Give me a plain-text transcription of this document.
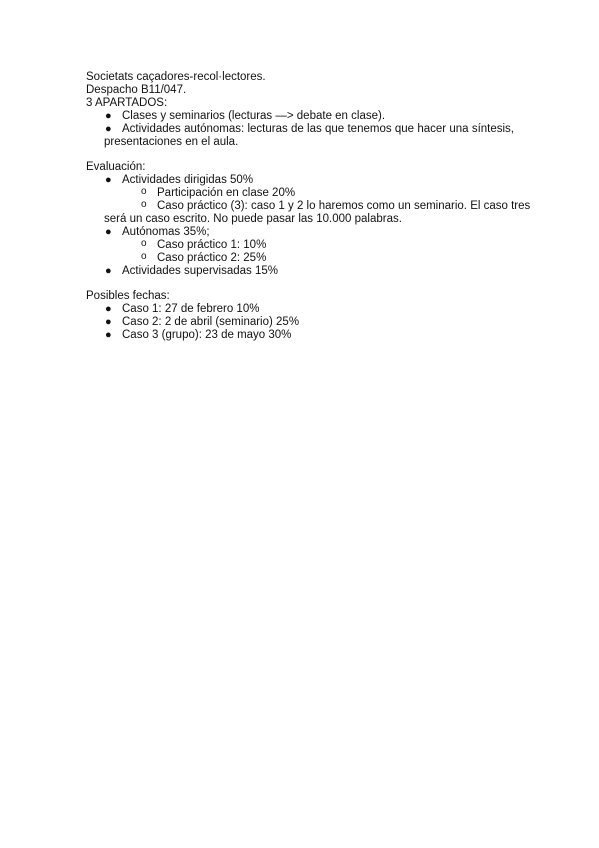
Societats caçadores-recol·lectores.
Despacho B11/047.
3 APARTADOS:
● Clases y seminarios (lecturas —> debate en clase).
● Actividades autónomas: lecturas de las que tenemos que hacer una síntesis,
presentaciones en el aula.
Evaluación:
● Actividades dirigidas 50%
o Participación en clase 20%
o Caso práctico (3): caso 1 y 2 lo haremos como un seminario. El caso tres
será un caso escrito. No puede pasar las 10.000 palabras.
● Autónomas 35%;
o Caso práctico 1: 10%
o Caso práctico 2: 25%
● Actividades supervisadas 15%
Posibles fechas:
● Caso 1: 27 de febrero 10%
● Caso 2: 2 de abril (seminario) 25%
● Caso 3 (grupo): 23 de mayo 30%
